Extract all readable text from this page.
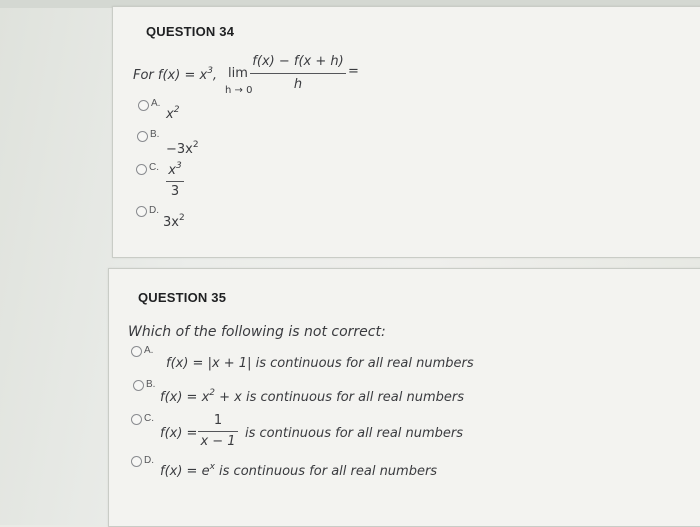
QUESTION 34
For $f(x) = x^3$, lim
h → 0
f(x) − f(x + h)
h
=
A.
$x^2$
B.
$-3x^2$
C. $x^3$
3
D.
$3x^2$
QUESTION 35
Which of the following is not correct:
A.
f(x) = |x + 1| is continuous for all real numbers
B.
$f(x) = x^2 + x$ is continuous for all real numbers
C.
f(x) =
1
x − 1
is continuous for all real numbers
D.
$f(x) = e^x$ is continuous for all real numbers
